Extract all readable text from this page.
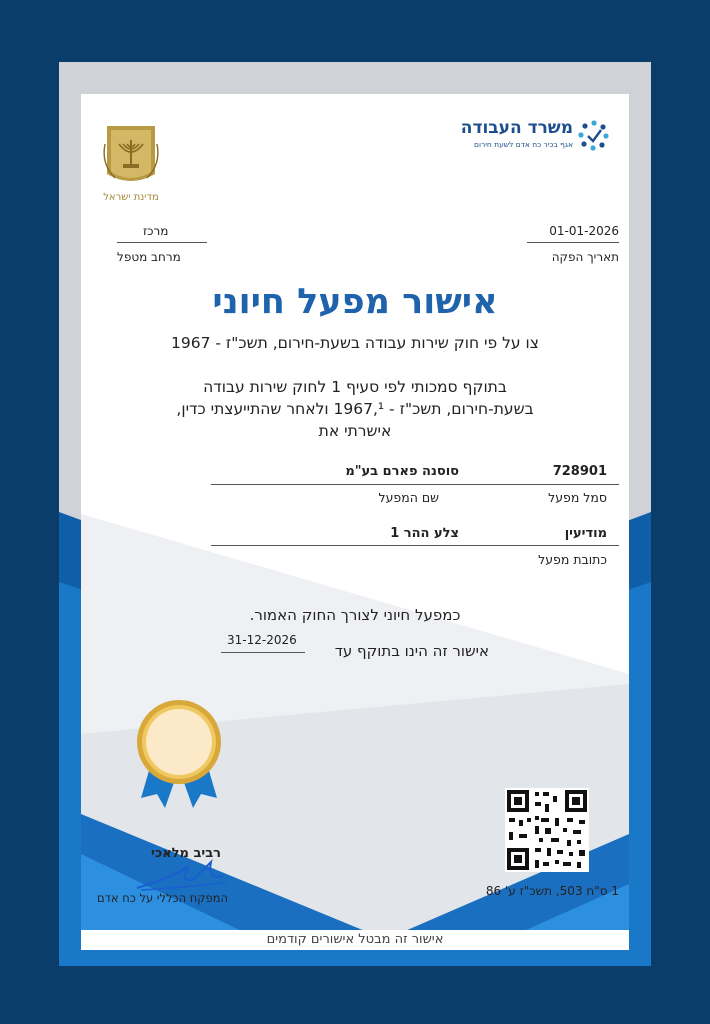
משרד העבודה
אגף בכיר כח אדם לשעת חירום
מדינת ישראל
01-01-2026
תאריך הפקה
מרכז
מרחב מטפל
אישור מפעל חיוני
צו על פי חוק שירות עבודה בשעת-חירום, תשכ"ז - 1967
בתוקף סמכותי לפי סעיף 1 לחוק שירות עבודה
בשעת-חירום, תשכ"ז - 1967,¹ ולאחר שהתייעצתי כדין,
אישרתי את
728901
סוסנה פארם בע"מ
סמל מפעל
שם המפעל
מודיעין
צלע ההר 1
כתובת מפעל
כמפעל חיוני לצורך החוק האמור.
אישור זה הינו בתוקף עד
31-12-2026
רביב מלאכי
המפקח הכללי על כח אדם	1 ס"ח 503, תשכ"ז ע' 86
אישור זה מבטל אישורים קודמים
